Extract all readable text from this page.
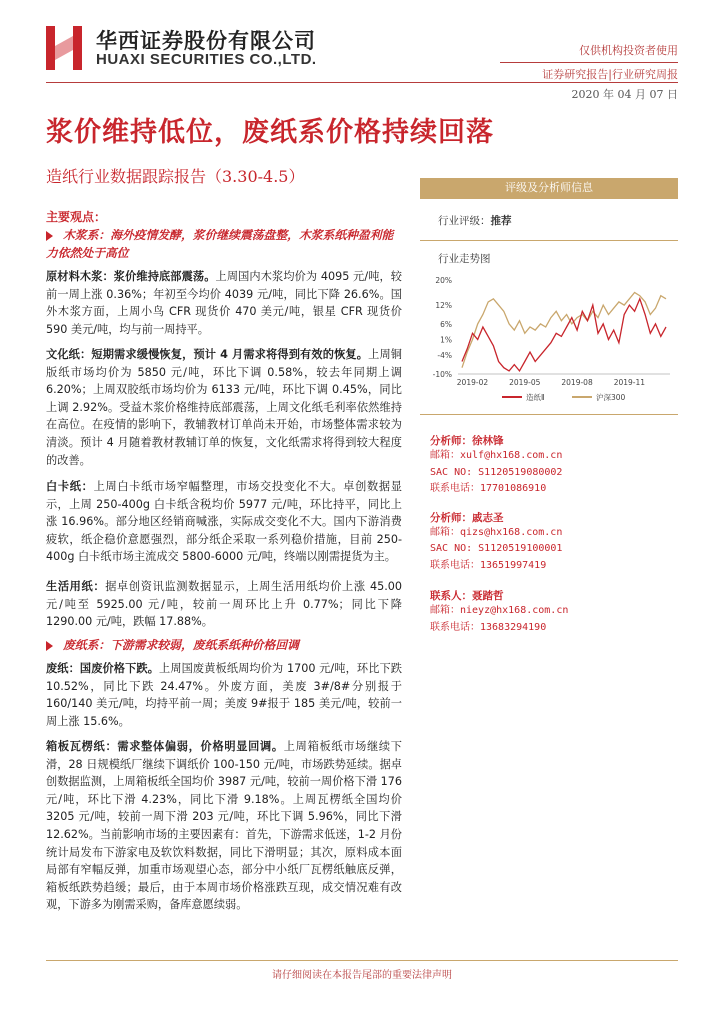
华西证券股份有限公司
HUAXI SECURITIES CO.,LTD.
仅供机构投资者使用
证券研究报告|行业研究周报
2020 年 04 月 07 日
浆价维持低位，废纸系价格持续回落
造纸行业数据跟踪报告（3.30-4.5）
主要观点：
木浆系：海外疫情发酵，浆价继续震荡盘整，木浆系纸种盈利能力依然处于高位
原材料木浆：浆价维持底部震荡。上周国内木浆均价为 4095 元/吨，较前一周上涨 0.36%；年初至今均价 4039 元/吨，同比下降 26.6%。国外木浆方面，上周小鸟 CFR 现货价 470 美元/吨，银星 CFR 现货价 590 美元/吨，均与前一周持平。
文化纸：短期需求缓慢恢复，预计 4 月需求将得到有效的恢复。上周铜版纸市场均价为 5850 元/吨，环比下调 0.58%，较去年同期上调 6.20%；上周双胶纸市场均价为 6133 元/吨，环比下调 0.45%，同比上调 2.92%。受益木浆价格维持底部震荡，上周文化纸毛利率依然维持在高位。在疫情的影响下，教辅教材订单尚未开始，市场整体需求较为清淡。预计 4 月随着教材教辅订单的恢复，文化纸需求将得到较大程度的改善。
白卡纸：上周白卡纸市场窄幅整理，市场交投变化不大。卓创数据显示，上周 250-400g 白卡纸含税均价 5977 元/吨，环比持平，同比上涨 16.96%。部分地区经销商喊涨，实际成交变化不大。国内下游消费疲软，纸企稳价意愿强烈，部分纸企采取一系列稳价措施，目前 250-400g 白卡纸市场主流成交 5800-6000 元/吨，终端以刚需提货为主。
生活用纸：据卓创资讯监测数据显示，上周生活用纸均价上涨 45.00 元/吨至 5925.00 元/吨，较前一周环比上升 0.77%；同比下降 1290.00 元/吨，跌幅 17.88%。
废纸系：下游需求较弱，废纸系纸种价格回调
废纸：国废价格下跌。上周国废黄板纸周均价为 1700 元/吨，环比下跌 10.52%，同比下跌 24.47%。外废方面，美废 3#/8#分别报于 160/140 美元/吨，均持平前一周；美废 9#报于 185 美元/吨，较前一周上涨 15.6%。
箱板瓦楞纸：需求整体偏弱，价格明显回调。上周箱板纸市场继续下滑，28 日规模纸厂继续下调纸价 100-150 元/吨，市场跌势延续。据卓创数据监测，上周箱板纸全国均价 3987 元/吨，较前一周价格下滑 176 元/吨，环比下滑 4.23%，同比下滑 9.18%。上周瓦楞纸全国均价 3205 元/吨，较前一周下滑 203 元/吨，环比下调 5.96%，同比下滑 12.62%。当前影响市场的主要因素有：首先，下游需求低迷，1-2 月份统计局发布下游家电及软饮料数据，同比下滑明显；其次，原料成本面局部有窄幅反弹，加重市场观望心态，部分中小纸厂瓦楞纸触底反弹，箱板纸跌势趋缓；最后，由于本周市场价格涨跌互现，成交情况难有改观，下游多为刚需采购，备库意愿续弱。
评级及分析师信息
行业评级：推荐
行业走势图
20%
12%
6%
1%
-4%
-10%
2019-02	2019-05	2019-08	2019-11
造纸Ⅱ	沪深300
分析师：徐林锋
邮箱：xulf@hx168.com.cn
SAC NO: S1120519080002
联系电话：17701086910
分析师：戚志圣
邮箱：qizs@hx168.com.cn
SAC NO: S1120519100001
联系电话：13651997419
联系人：聂踏哲
邮箱：nieyz@hx168.com.cn
联系电话：13683294190
请仔细阅读在本报告尾部的重要法律声明
